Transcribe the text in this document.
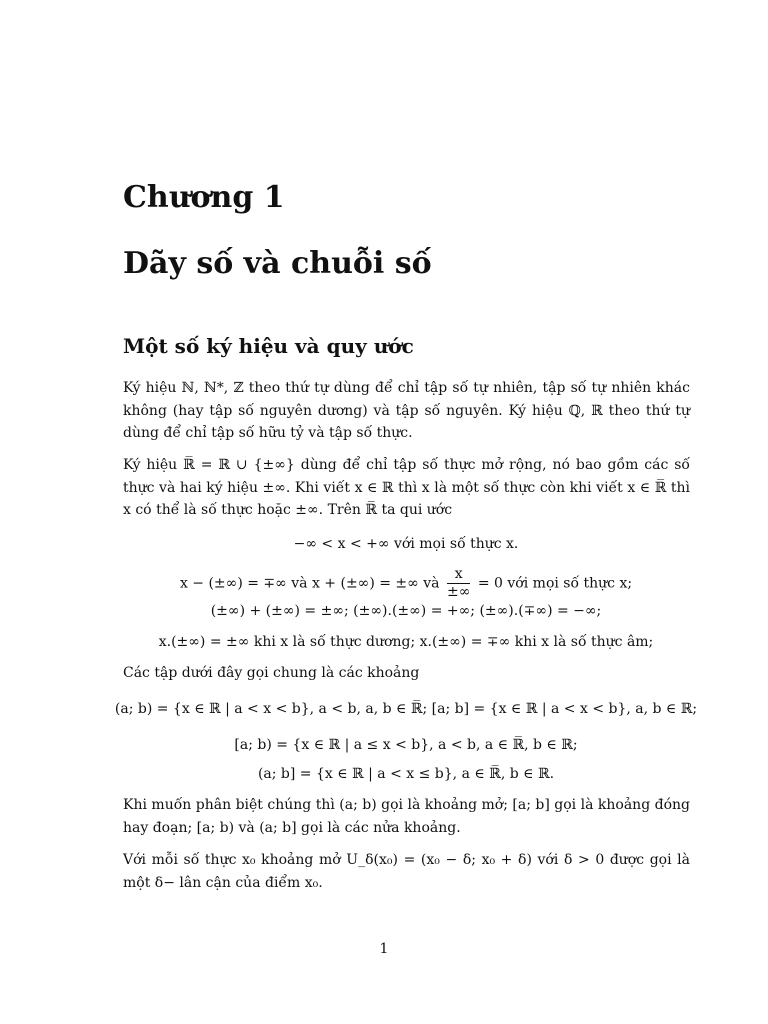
Chương 1
Dãy số và chuỗi số
Một số ký hiệu và quy ước

Ký hiệu ℕ, ℕ*, ℤ theo thứ tự dùng để chỉ tập số tự nhiên, tập số tự nhiên khác không (hay tập số nguyên dương) và tập số nguyên. Ký hiệu ℚ, ℝ theo thứ tự dùng để chỉ tập số hữu tỷ và tập số thực.

Ký hiệu ℝ̅ = ℝ ∪ {±∞} dùng để chỉ tập số thực mở rộng, nó bao gồm các số thực và hai ký hiệu ±∞. Khi viết x ∈ ℝ thì x là một số thực còn khi viết x ∈ ℝ̅ thì x có thể là số thực hoặc ±∞. Trên ℝ̅ ta qui ước

−∞ < x < +∞ với mọi số thực x.

x − (±∞) = ∓∞ và x + (±∞) = ±∞ và $\frac{x}{\pm\infty} = 0$ với mọi số thực x;

(±∞) + (±∞) = ±∞; (±∞).(±∞) = +∞; (±∞).(∓∞) = −∞;

x.(±∞) = ±∞ khi x là số thực dương; x.(±∞) = ∓∞ khi x là số thực âm;

Các tập dưới đây gọi chung là các khoảng

(a; b) = {x ∈ ℝ | a < x < b}, a < b, a, b ∈ ℝ̅; [a; b] = {x ∈ ℝ | a < x < b}, a, b ∈ ℝ;

[a; b) = {x ∈ ℝ | a ≤ x < b}, a < b, a ∈ ℝ̅, b ∈ ℝ;

(a; b] = {x ∈ ℝ | a < x ≤ b}, a ∈ ℝ̅, b ∈ ℝ.

Khi muốn phân biệt chúng thì (a; b) gọi là khoảng mở; [a; b] gọi là khoảng đóng hay đoạn; [a; b) và (a; b] gọi là các nửa khoảng.

Với mỗi số thực x₀ khoảng mở U_δ(x₀) = (x₀ − δ; x₀ + δ) với δ > 0 được gọi là một δ− lân cận của điểm x₀.

1
